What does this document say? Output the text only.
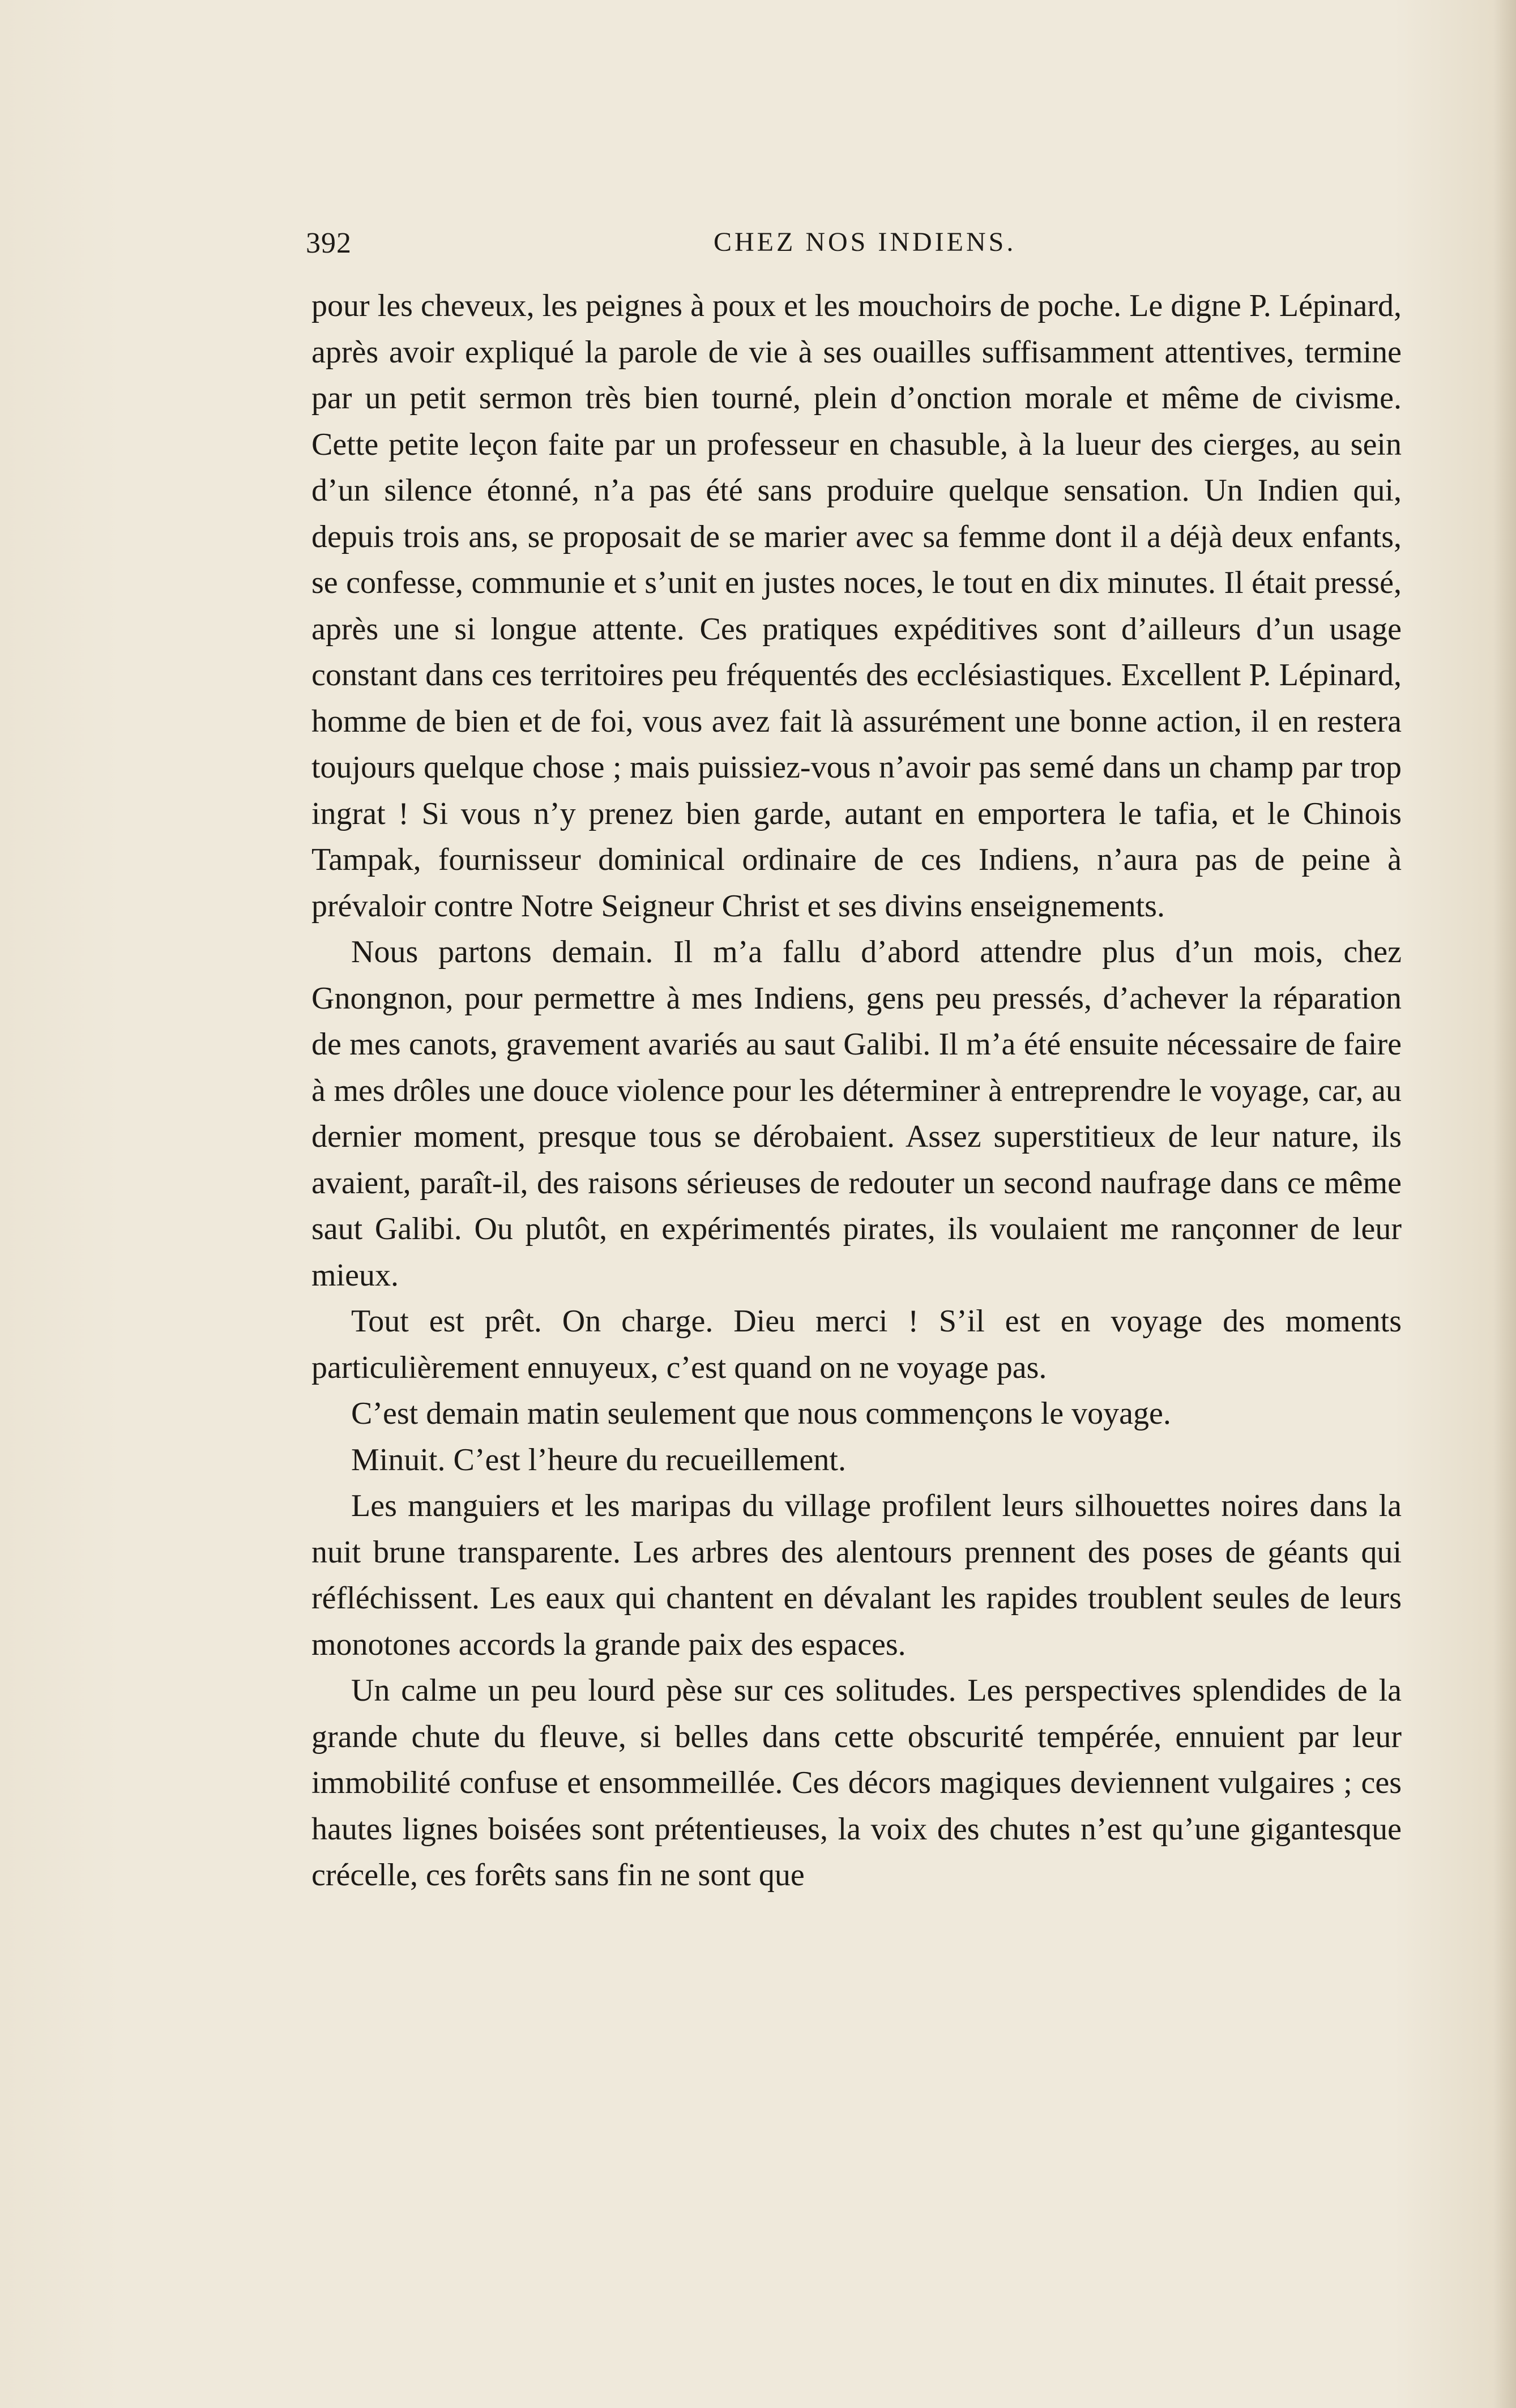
392	CHEZ NOS INDIENS.

pour les cheveux, les peignes à poux et les mouchoirs de poche. Le digne P. Lépinard, après avoir expliqué la parole de vie à ses ouailles suffisamment attentives, termine par un petit sermon très bien tourné, plein d’onction morale et même de civisme. Cette petite leçon faite par un professeur en chasuble, à la lueur des cierges, au sein d’un silence étonné, n’a pas été sans produire quelque sensation. Un Indien qui, depuis trois ans, se proposait de se marier avec sa femme dont il a déjà deux enfants, se confesse, communie et s’unit en justes noces, le tout en dix minutes. Il était pressé, après une si longue attente. Ces pratiques expéditives sont d’ailleurs d’un usage constant dans ces territoires peu fréquentés des ecclésiastiques. Excellent P. Lépinard, homme de bien et de foi, vous avez fait là assurément une bonne action, il en restera toujours quelque chose ; mais puissiez-vous n’avoir pas semé dans un champ par trop ingrat ! Si vous n’y prenez bien garde, autant en emportera le tafia, et le Chinois Tampak, fournisseur dominical ordinaire de ces Indiens, n’aura pas de peine à prévaloir contre Notre Seigneur Christ et ses divins enseignements.

Nous partons demain. Il m’a fallu d’abord attendre plus d’un mois, chez Gnongnon, pour permettre à mes Indiens, gens peu pressés, d’achever la réparation de mes canots, gravement avariés au saut Galibi. Il m’a été ensuite nécessaire de faire à mes drôles une douce violence pour les déterminer à entreprendre le voyage, car, au dernier moment, presque tous se dérobaient. Assez superstitieux de leur nature, ils avaient, paraît-il, des raisons sérieuses de redouter un second naufrage dans ce même saut Galibi. Ou plutôt, en expérimentés pirates, ils voulaient me rançonner de leur mieux.

Tout est prêt. On charge. Dieu merci ! S’il est en voyage des moments particulièrement ennuyeux, c’est quand on ne voyage pas.

C’est demain matin seulement que nous commençons le voyage.

Minuit. C’est l’heure du recueillement.

Les manguiers et les maripas du village profilent leurs silhouettes noires dans la nuit brune transparente. Les arbres des alentours prennent des poses de géants qui réfléchissent. Les eaux qui chantent en dévalant les rapides troublent seules de leurs monotones accords la grande paix des espaces.

Un calme un peu lourd pèse sur ces solitudes. Les perspectives splendides de la grande chute du fleuve, si belles dans cette obscurité tempérée, ennuient par leur immobilité confuse et ensommeillée. Ces décors magiques deviennent vulgaires ; ces hautes lignes boisées sont prétentieuses, la voix des chutes n’est qu’une gigantesque crécelle, ces forêts sans fin ne sont que
